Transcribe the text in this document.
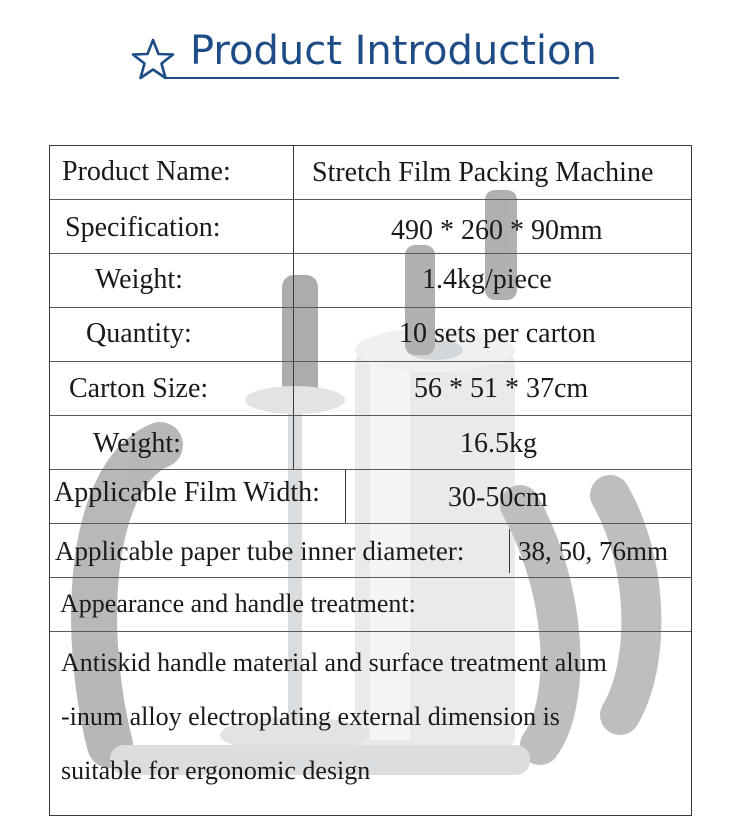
Product Introduction
Product Name:	Stretch Film Packing Machine
Specification:	490 * 260 * 90mm
Weight:	1.4kg/piece
Quantity:	10 sets per carton
Carton Size:	56 * 51 * 37cm
Weight:	16.5kg
Applicable Film Width:	30-50cm
Applicable paper tube inner diameter: 38, 50, 76mm
Appearance and handle treatment:
Antiskid handle material and surface treatment alum
-inum alloy electroplating external dimension is
suitable for ergonomic design
